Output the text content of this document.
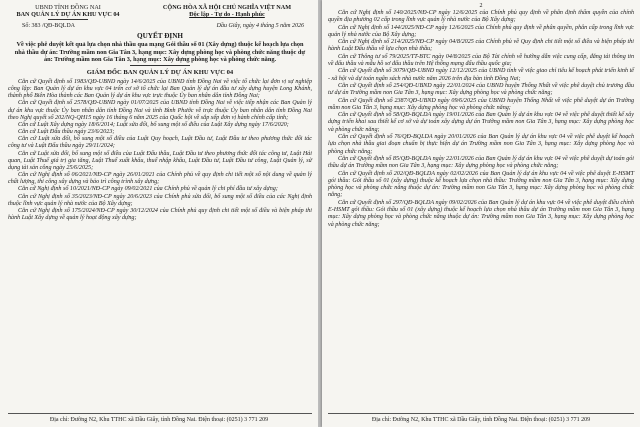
UBND TỈNH ĐỒNG NAI
BAN QUẢN LÝ DỰ ÁN KHU VỰC 04
CỘNG HÒA XÃ HỘI CHỦ NGHĨA VIỆT NAM
Độc lập - Tự do - Hạnh phúc
Số: 383 /QĐ-BQLDA	Dầu Giây, ngày 4 tháng 5 năm 2026
QUYẾT ĐỊNH
Về việc phê duyệt kết quả lựa chọn nhà thầu qua mạng Gói thầu số 01 (Xây dựng) thuộc kế hoạch lựa chọn nhà thầu dự án: Trường mầm non Gia Tân 3, hạng mục: Xây dựng phòng học và phòng chức năng thuộc dự án: Trường mầm non Gia Tân 3, hạng mục: Xây dựng phòng học và phòng chức năng.
GIÁM ĐỐC BAN QUẢN LÝ DỰ ÁN KHU VỰC 04

Căn cứ Quyết định số 1983/QĐ-UBND ngày 14/6/2025 của UBND tỉnh Đồng Nai về việc tổ chức lại đơn vị sự nghiệp công lập: Ban Quản lý dự án khu vực 04 trên cơ sở tổ chức lại Ban Quản lý dự án đầu tư xây dựng huyện Long Khánh, thành phố Biên Hòa thành các Ban Quản lý dự án khu vực trực thuộc Ủy ban nhân dân tỉnh Đồng Nai;

Căn cứ Quyết định số 2578/QĐ-UBND ngày 01/07/2025 của UBND tỉnh Đồng Nai về việc tiếp nhận các Ban Quản lý dự án khu vực thuộc Ủy ban nhân dân tỉnh Đồng Nai và tỉnh Bình Phước về trực thuộc Ủy ban nhân dân tỉnh Đồng Nai theo Nghị quyết số 202/NQ-QH15 ngày 16 tháng 6 năm 2025 của Quốc hội về sắp xếp đơn vị hành chính cấp tỉnh;

Căn cứ Luật Xây dựng ngày 18/6/2014; Luật sửa đổi, bổ sung một số điều của Luật Xây dựng ngày 17/6/2020;

Căn cứ Luật Đấu thầu ngày 23/6/2023;

Căn cứ Luật sửa đổi, bổ sung một số điều của Luật Quy hoạch, Luật Đầu tư, Luật Đầu tư theo phương thức đối tác công tư và Luật Đấu thầu ngày 29/11/2024;

Căn cứ Luật sửa đổi, bổ sung một số điều của Luật Đấu thầu, Luật Đầu tư theo phương thức đối tác công tư, Luật Hải quan, Luật Thuế giá trị gia tăng, Luật Thuế xuất khẩu, thuế nhập khẩu, Luật Đầu tư, Luật Đầu tư công, Luật Quản lý, sử dụng tài sản công ngày 25/6/2025;

Căn cứ Nghị định số 06/2021/NĐ-CP ngày 26/01/2021 của Chính phủ về quy định chi tiết một số nội dung về quản lý chất lượng, thi công xây dựng và bảo trì công trình xây dựng;

Căn cứ Nghị định số 10/2021/NĐ-CP ngày 09/02/2021 của Chính phủ về quản lý chi phí đầu tư xây dựng;

Căn cứ Nghị định số 35/2023/NĐ-CP ngày 20/6/2023 của Chính phủ sửa đổi, bổ sung một số điều của các Nghị định thuộc lĩnh vực quản lý nhà nước của Bộ Xây dựng;

Căn cứ Nghị định số 175/2024/NĐ-CP ngày 30/12/2024 của Chính phủ quy định chi tiết một số điều và biện pháp thi hành Luật Xây dựng về quản lý hoạt động xây dựng;

Địa chỉ: Đường N2, Khu TTHC xã Dầu Giây, tỉnh Đồng Nai. Điện thoại: (0251) 3 771 209
2

Căn cứ Nghị định số 140/2025/NĐ-CP ngày 12/6/2025 của Chính phủ quy định về phân định thẩm quyền của chính quyền địa phương 02 cấp trong lĩnh vực quản lý nhà nước của Bộ Xây dựng;

Căn cứ Nghị định số 144/2025/NĐ-CP ngày 12/6/2025 của Chính phủ quy định về phân quyền, phân cấp trong lĩnh vực quản lý nhà nước của Bộ Xây dựng;

Căn cứ Nghị định số 214/2025/NĐ-CP ngày 04/8/2025 của Chính phủ về Quy định chi tiết một số điều và biện pháp thi hành Luật Đấu thầu về lựa chọn nhà thầu;

Căn cứ Thông tư số 79/2025/TT-BTC ngày 04/8/2025 của Bộ Tài chính về hướng dẫn việc cung cấp, đăng tải thông tin về đấu thầu và mẫu hồ sơ đấu thầu trên Hệ thống mạng đấu thầu quốc gia;

Căn cứ Quyết định số 3079/QĐ-UBND ngày 12/12/2025 của UBND tỉnh về việc giao chỉ tiêu kế hoạch phát triển kinh tế - xã hội và dự toán ngân sách nhà nước năm 2026 trên địa bàn tỉnh Đồng Nai;

Căn cứ Quyết định số 254/QĐ-UBND ngày 22/01/2024 của UBND huyện Thống Nhất về việc phê duyệt chủ trương đầu tư dự án Trường mầm non Gia Tân 3, hạng mục: Xây dựng phòng học và phòng chức năng;

Căn cứ Quyết định số 2387/QĐ-UBND ngày 09/6/2025 của UBND huyện Thống Nhất về việc phê duyệt dự án Trường mầm non Gia Tân 3, hạng mục: Xây dựng phòng học và phòng chức năng;

Căn cứ Quyết định số 58/QĐ-BQLDA ngày 19/01/2026 của Ban Quản lý dự án khu vực 04 về việc phê duyệt thiết kế xây dựng triển khai sau thiết kế cơ sở và dự toán xây dựng dự án Trường mầm non Gia Tân 3, hạng mục: Xây dựng phòng học và phòng chức năng;

Căn cứ Quyết định số 76/QĐ-BQLDA ngày 20/01/2026 của Ban Quản lý dự án khu vực 04 về việc phê duyệt kế hoạch lựa chọn nhà thầu giai đoạn chuẩn bị thực hiện dự án Trường mầm non Gia Tân 3, hạng mục: Xây dựng phòng học và phòng chức năng;

Căn cứ Quyết định số 85/QĐ-BQLDA ngày 22/01/2026 của Ban Quản lý dự án khu vực 04 về việc phê duyệt dự toán gói thầu dự án Trường mầm non Gia Tân 3, hạng mục: Xây dựng phòng học và phòng chức năng;

Căn cứ Quyết định số 202/QĐ-BQLDA ngày 02/02/2026 của Ban Quản lý dự án khu vực 04 về việc phê duyệt E-HSMT gói thầu: Gói thầu số 01 (xây dựng) thuộc kế hoạch lựa chọn nhà thầu: Trường mầm non Gia Tân 3, hạng mục: Xây dựng phòng học và phòng chức năng thuộc dự án: Trường mầm non Gia Tân 3, hạng mục: Xây dựng phòng học và phòng chức năng;

Căn cứ Quyết định số 297/QĐ-BQLDA ngày 09/02/2026 của Ban Quản lý dự án khu vực 04 về việc phê duyệt điều chỉnh E-HSMT gói thầu: Gói thầu số 01 (xây dựng) thuộc kế hoạch lựa chọn nhà thầu dự án Trường mầm non Gia Tân 3, hạng mục: Xây dựng phòng học và phòng chức năng thuộc dự án: Trường mầm non Gia Tân 3, hạng mục: Xây dựng phòng học và phòng chức năng;

Địa chỉ: Đường N2, Khu TTHC xã Dầu Giây, tỉnh Đồng Nai. Điện thoại: (0251) 3 771 209
